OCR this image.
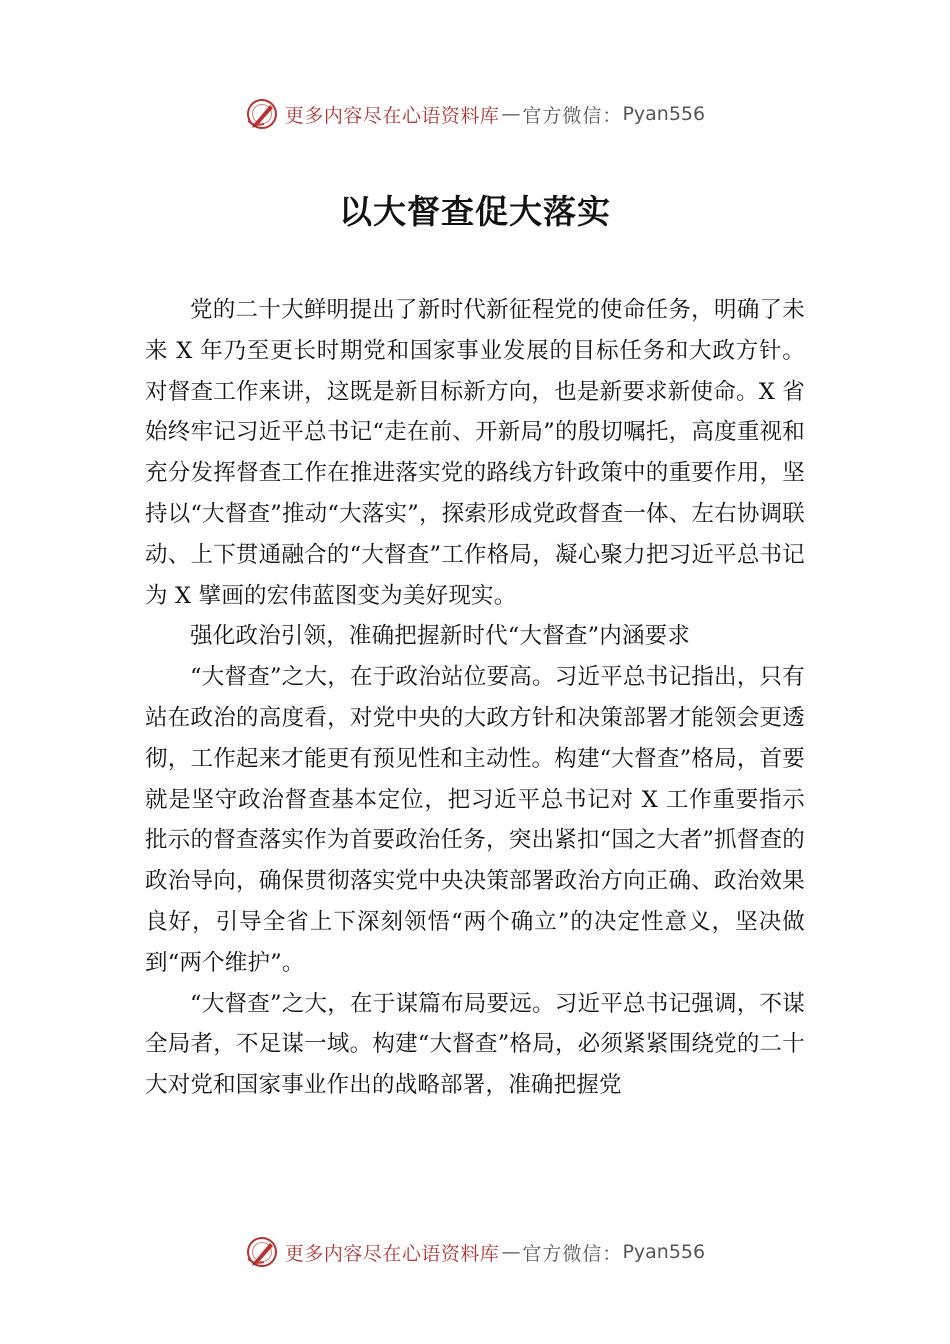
更多内容尽在心语资料库 — 官方微信： Pyan556
以大督查促大落实

党的二十大鲜明提出了新时代新征程党的使命任务，明确了未来 X 年乃至更长时期党和国家事业发展的目标任务和大政方针。对督查工作来讲，这既是新目标新方向，也是新要求新使命。X 省始终牢记习近平总书记“走在前、开新局”的殷切嘱托，高度重视和充分发挥督查工作在推进落实党的路线方针政策中的重要作用，坚持以“大督查”推动“大落实”，探索形成党政督查一体、左右协调联动、上下贯通融合的“大督查”工作格局，凝心聚力把习近平总书记为 X 擘画的宏伟蓝图变为美好现实。

强化政治引领，准确把握新时代“大督查”内涵要求

“大督查”之大，在于政治站位要高。习近平总书记指出，只有站在政治的高度看，对党中央的大政方针和决策部署才能领会更透彻，工作起来才能更有预见性和主动性。构建“大督查”格局，首要就是坚守政治督查基本定位，把习近平总书记对 X 工作重要指示批示的督查落实作为首要政治任务，突出紧扣“国之大者”抓督查的政治导向，确保贯彻落实党中央决策部署政治方向正确、政治效果良好，引导全省上下深刻领悟“两个确立”的决定性意义，坚决做到“两个维护”。

“大督查”之大，在于谋篇布局要远。习近平总书记强调，不谋全局者，不足谋一域。构建“大督查”格局，必须紧紧围绕党的二十大对党和国家事业作出的战略部署，准确把握党

更多内容尽在心语资料库 — 官方微信： Pyan556
